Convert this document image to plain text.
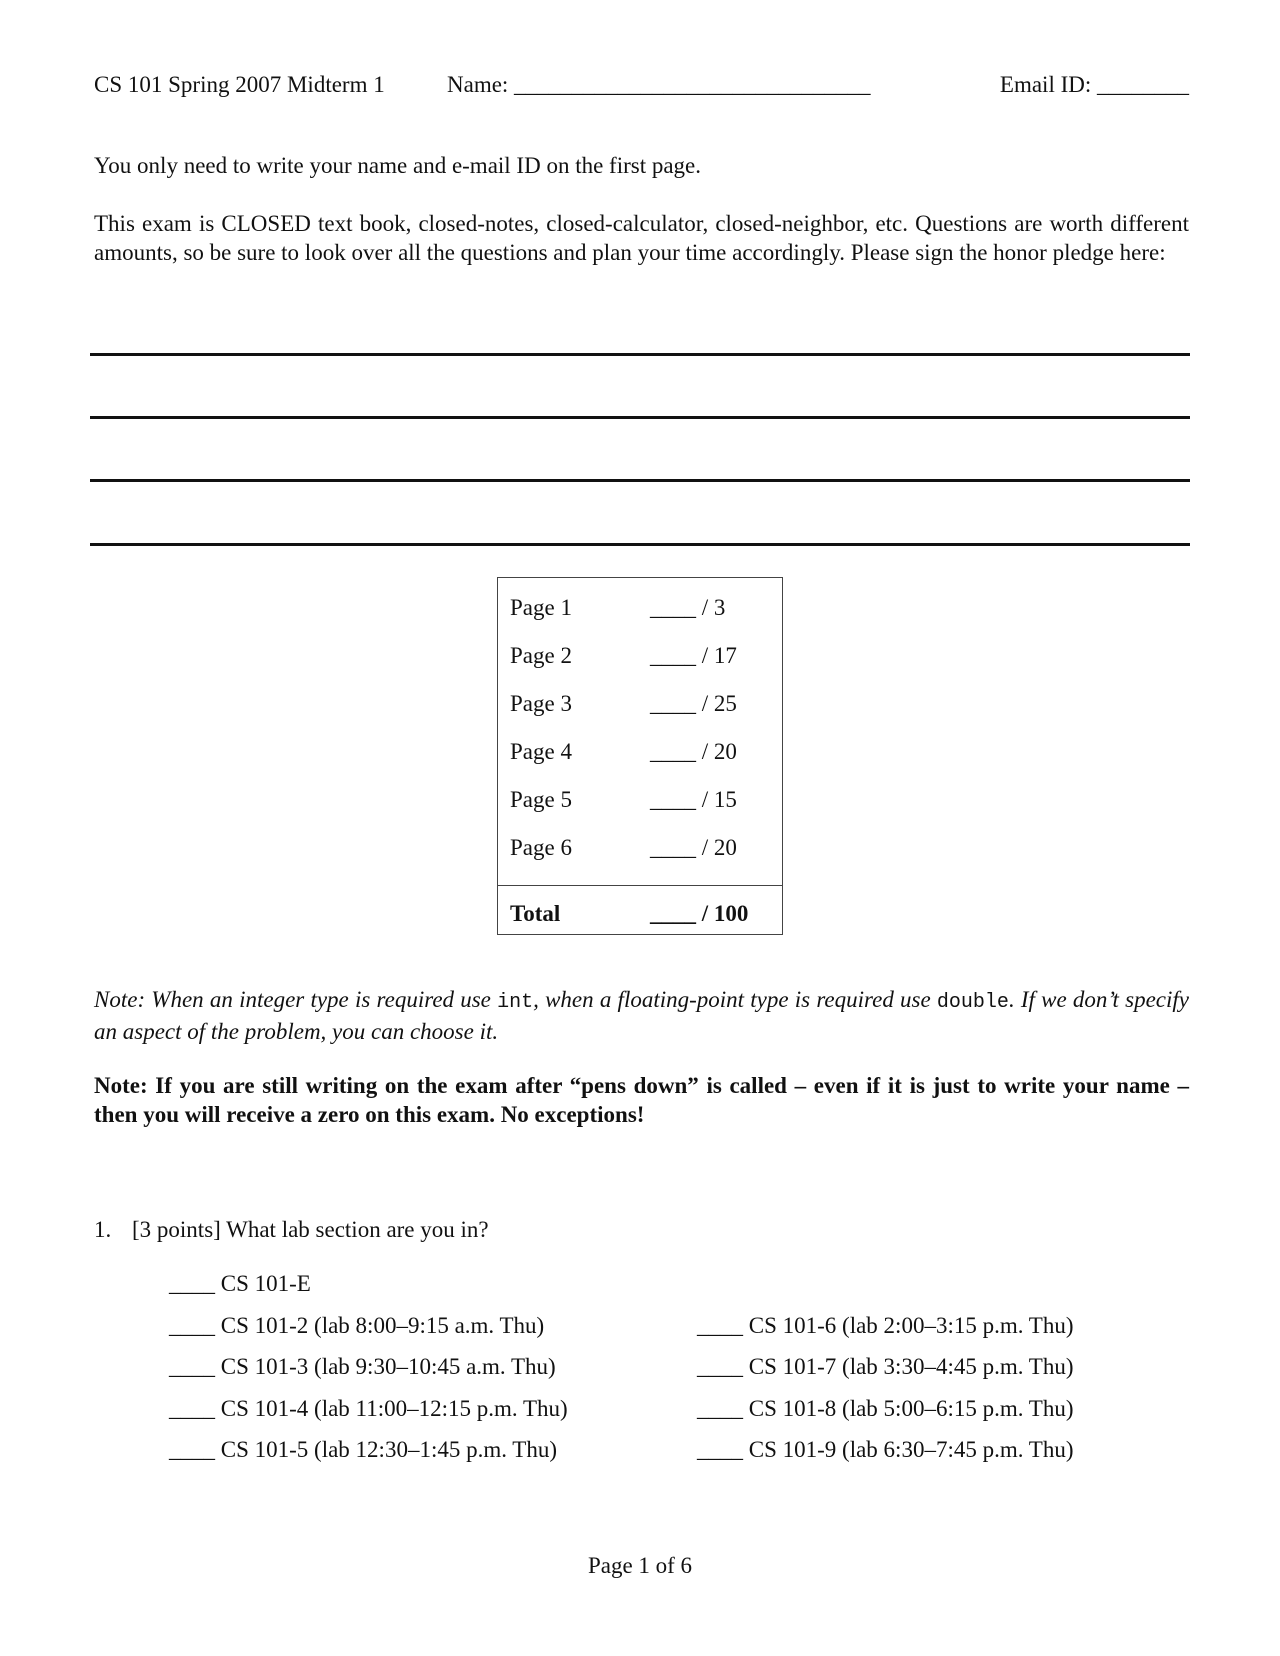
CS 101 Spring 2007 Midterm 1	Name: _______________________________	Email ID: ________
You only need to write your name and e-mail ID on the first page.
This exam is CLOSED text book, closed-notes, closed-calculator, closed-neighbor, etc. Questions are worth different amounts, so be sure to look over all the questions and plan your time accordingly. Please sign the honor pledge here:
Page 1	____ / 3
Page 2	____ / 17
Page 3	____ / 25
Page 4	____ / 20
Page 5	____ / 15
Page 6	____ / 20
Total	____ / 100
Note: When an integer type is required use int, when a floating-point type is required use double. If we don’t specify an aspect of the problem, you can choose it.
Note: If you are still writing on the exam after “pens down” is called – even if it is just to write your name – then you will receive a zero on this exam. No exceptions!
1. [3 points] What lab section are you in?
____ CS 101-E
____ CS 101-2 (lab 8:00–9:15 a.m. Thu)
____ CS 101-3 (lab 9:30–10:45 a.m. Thu)
____ CS 101-4 (lab 11:00–12:15 p.m. Thu)
____ CS 101-5 (lab 12:30–1:45 p.m. Thu)
____ CS 101-6 (lab 2:00–3:15 p.m. Thu)
____ CS 101-7 (lab 3:30–4:45 p.m. Thu)
____ CS 101-8 (lab 5:00–6:15 p.m. Thu)
____ CS 101-9 (lab 6:30–7:45 p.m. Thu)
Page 1 of 6
